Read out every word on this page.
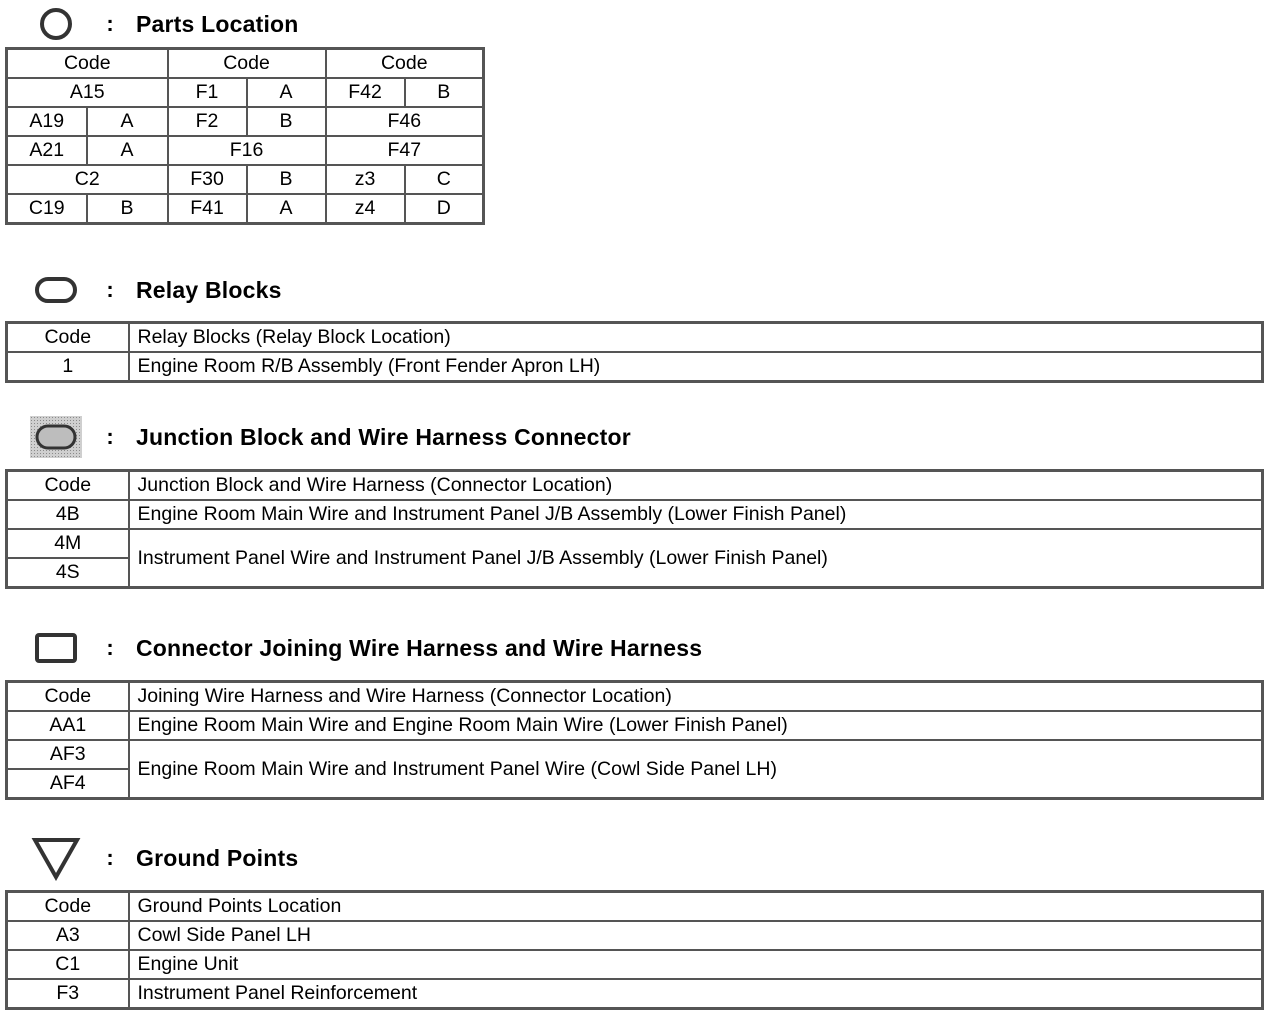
: Parts Location
Code		Code		Code	
A15		F1	A	F42	B
A19	A	F2	B	F46	
A21	A	F16		F47	
C2		F30	B	z3	C
C19	B	F41	A	z4	D
: Relay Blocks
Code	Relay Blocks (Relay Block Location)
1	Engine Room R/B Assembly (Front Fender Apron LH)
: Junction Block and Wire Harness Connector
Code	Junction Block and Wire Harness (Connector Location)
4B	Engine Room Main Wire and Instrument Panel J/B Assembly (Lower Finish Panel)
4M	Instrument Panel Wire and Instrument Panel J/B Assembly (Lower Finish Panel)
4S	
: Connector Joining Wire Harness and Wire Harness
Code	Joining Wire Harness and Wire Harness (Connector Location)
AA1	Engine Room Main Wire and Engine Room Main Wire (Lower Finish Panel)
AF3	Engine Room Main Wire and Instrument Panel Wire (Cowl Side Panel LH)
AF4	
: Ground Points
Code	Ground Points Location
A3	Cowl Side Panel LH
C1	Engine Unit
F3	Instrument Panel Reinforcement
